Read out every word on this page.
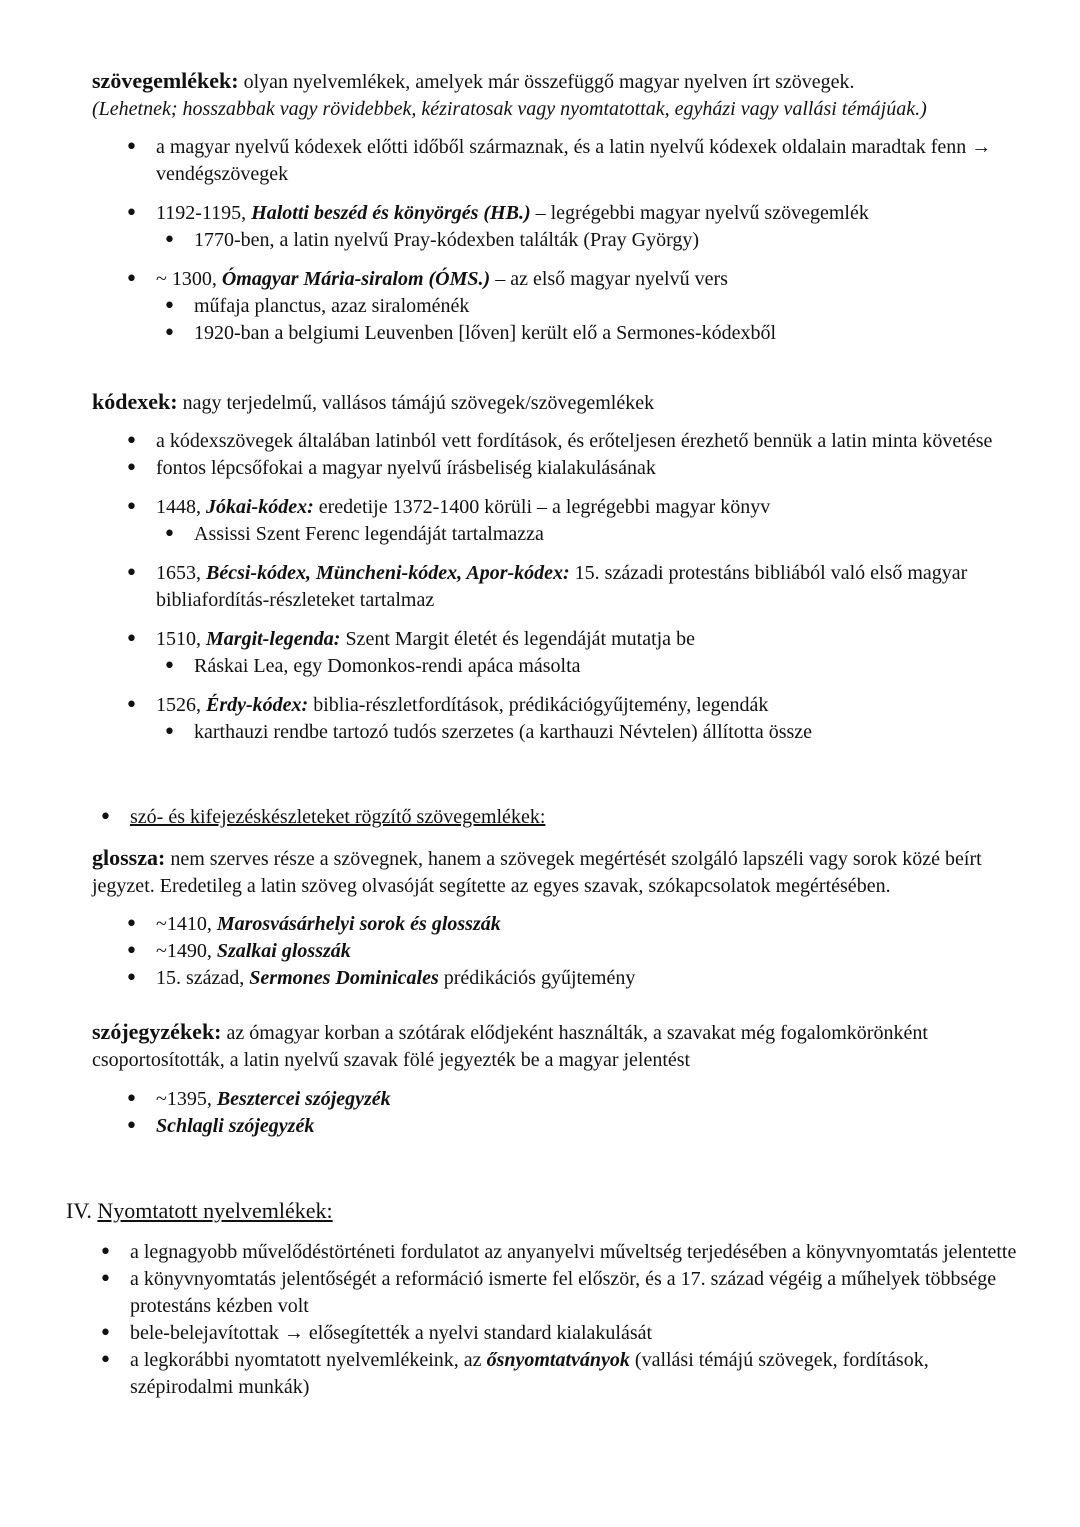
szövegemlékek: olyan nyelvemlékek, amelyek már összefüggő magyar nyelven írt szövegek.
(Lehetnek; hosszabbak vagy rövidebbek, kéziratosak vagy nyomtatottak, egyházi vagy vallási témájúak.)

• a magyar nyelvű kódexek előtti időből származnak, és a latin nyelvű kódexek oldalain maradtak fenn → vendégszövegek
• 1192-1195, Halotti beszéd és könyörgés (HB.) – legrégebbi magyar nyelvű szövegemlék
• 1770-ben, a latin nyelvű Pray-kódexben találták (Pray György)
• ~ 1300, Ómagyar Mária-siralom (ÓMS.) – az első magyar nyelvű vers
• műfaja planctus, azaz siraloménék
• 1920-ban a belgiumi Leuvenben [lőven] került elő a Sermones-kódexből

kódexek: nagy terjedelmű, vallásos támájú szövegek/szövegemlékek

• a kódexszövegek általában latinból vett fordítások, és erőteljesen érezhető bennük a latin minta követése
• fontos lépcsőfokai a magyar nyelvű írásbeliség kialakulásának
• 1448, Jókai-kódex: eredetije 1372-1400 körüli – a legrégebbi magyar könyv
• Assissi Szent Ferenc legendáját tartalmazza
• 1653, Bécsi-kódex, Müncheni-kódex, Apor-kódex: 15. századi protestáns bibliából való első magyar bibliafordítás-részleteket tartalmaz
• 1510, Margit-legenda: Szent Margit életét és legendáját mutatja be
• Ráskai Lea, egy Domonkos-rendi apáca másolta
• 1526, Érdy-kódex: biblia-részletfordítások, prédikációgyűjtemény, legendák
• karthauzi rendbe tartozó tudós szerzetes (a karthauzi Névtelen) állította össze
• szó- és kifejezéskészleteket rögzítő szövegemlékek:

glossza: nem szerves része a szövegnek, hanem a szövegek megértését szolgáló lapszéli vagy sorok közé beírt jegyzet. Eredetileg a latin szöveg olvasóját segítette az egyes szavak, szókapcsolatok megértésében.

• ~1410, Marosvásárhelyi sorok és glosszák
• ~1490, Szalkai glosszák
• 15. század, Sermones Dominicales prédikációs gyűjtemény

szójegyzékek: az ómagyar korban a szótárak elődjeként használták, a szavakat még fogalomkörönként csoportosították, a latin nyelvű szavak fölé jegyezték be a magyar jelentést

• ~1395, Besztercei szójegyzék
• Schlagli szójegyzék
IV. Nyomtatott nyelvemlékek:
• a legnagyobb művelődéstörténeti fordulatot az anyanyelvi műveltség terjedésében a könyvnyomtatás jelentette
• a könyvnyomtatás jelentőségét a reformáció ismerte fel először, és a 17. század végéig a műhelyek többsége protestáns kézben volt
• bele-belejavítottak → elősegítették a nyelvi standard kialakulását
• a legkorábbi nyomtatott nyelvemlékeink, az ősnyomtatványok (vallási témájú szövegek, fordítások, szépirodalmi munkák)
